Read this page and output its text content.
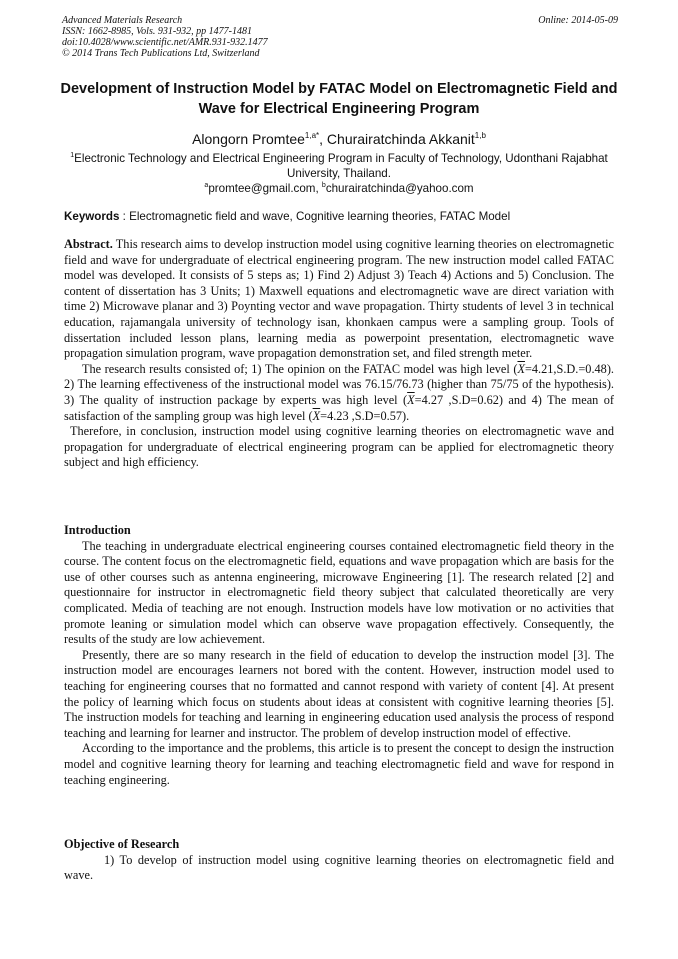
Advanced Materials Research
ISSN: 1662-8985, Vols. 931-932, pp 1477-1481
doi:10.4028/www.scientific.net/AMR.931-932.1477
© 2014 Trans Tech Publications Ltd, Switzerland
Online: 2014-05-09
Development of Instruction Model by FATAC Model on Electromagnetic Field and Wave for Electrical Engineering Program
Alongorn Promtee$^{1,a*}$, Churairatchinda Akkanit$^{1,b}$
$^1$Electronic Technology and Electrical Engineering Program in Faculty of Technology, Udonthani Rajabhat University, Thailand.
$^a$promtee@gmail.com, $^b$churairatchinda@yahoo.com
Keywords : Electromagnetic field and wave, Cognitive learning theories, FATAC Model

Abstract. This research aims to develop instruction model using cognitive learning theories on electromagnetic field and wave for undergraduate of electrical engineering program. The new instruction model called FATAC model was developed. It consists of 5 steps as; 1) Find 2) Adjust 3) Teach 4) Actions and 5) Conclusion. The content of dissertation has 3 Units; 1) Maxwell equations and electromagnetic wave are direct variation with time 2) Microwave planar and 3) Poynting vector and wave propagation. Thirty students of level 3 in technical education, rajamangala university of technology isan, khonkaen campus were a sampling group. Tools of dissertation included lesson plans, learning media as powerpoint presentation, electromagnetic wave propagation simulation program, wave propagation demonstration set, and filed strength meter.

The research results consisted of; 1) The opinion on the FATAC model was high level $(\overline{X}=4.21,S.D.=0.48)$. 2) The learning effectiveness of the instructional model was 76.15/76.73 (higher than 75/75 of the hypothesis). 3) The quality of instruction package by experts was high level ($\overline{X}=4.27$ ,S.D=0.62) and 4) The mean of satisfaction of the sampling group was high level ($\overline{X}=4.23$ ,S.D=0.57).

Therefore, in conclusion, instruction model using cognitive learning theories on electromagnetic wave and propagation for undergraduate of electrical engineering program can be applied for electromagnetic theory subject and high efficiency.

Introduction

The teaching in undergraduate electrical engineering courses contained electromagnetic field theory in the course. The content focus on the electromagnetic field, equations and wave propagation which are basis for the use of other courses such as antenna engineering, microwave Engineering [1]. The research related [2] and questionnaire for instructor in electromagnetic field theory subject that calculated theoretically are very complicated. Media of teaching are not enough. Instruction models have low motivation or no activities that promote leaning or simulation model which can observe wave propagation effectively. Consequently, the results of the study are low achievement.

Presently, there are so many research in the field of education to develop the instruction model [3]. The instruction model are encourages learners not bored with the content. However, instruction model used to teaching for engineering courses that no formatted and cannot respond with variety of content [4]. At present the policy of learning which focus on students about ideas at consistent with cognitive learning theories [5]. The instruction models for teaching and learning in engineering education used analysis the process of respond teaching and learning for learner and instructor. The problem of develop instruction model of effective.

According to the importance and the problems, this article is to present the concept to design the instruction model and cognitive learning theory for learning and teaching electromagnetic field and wave for respond in teaching engineering.

Objective of Research

1) To develop of instruction model using cognitive learning theories on electromagnetic field and wave.
